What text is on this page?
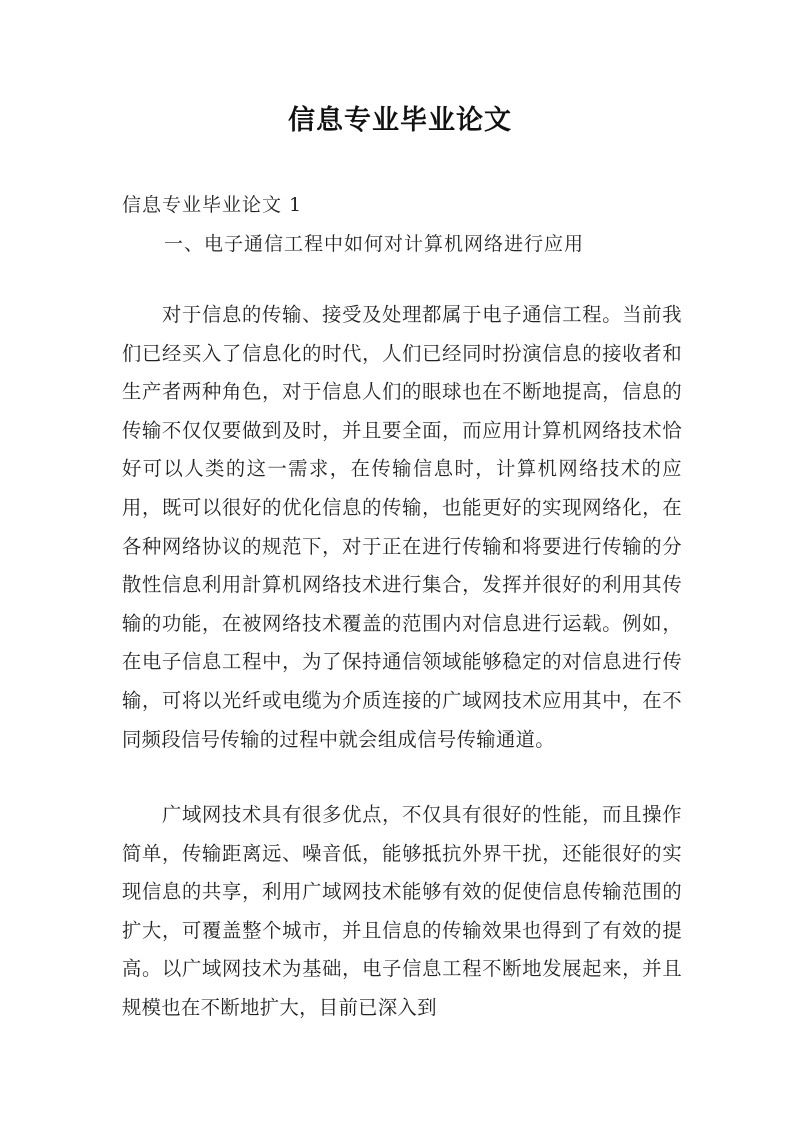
信息专业毕业论文
信息专业毕业论文 1
一、电子通信工程中如何对计算机网络进行应用

对于信息的传输、接受及处理都属于电子通信工程。当前我们已经买入了信息化的时代，人们已经同时扮演信息的接收者和生产者两种角色，对于信息人们的眼球也在不断地提高，信息的传输不仅仅要做到及时，并且要全面，而应用计算机网络技术恰好可以人类的这一需求，在传输信息时，计算机网络技术的应用，既可以很好的优化信息的传输，也能更好的实现网络化，在各种网络协议的规范下，对于正在进行传输和将要进行传输的分散性信息利用計算机网络技术进行集合，发挥并很好的利用其传输的功能，在被网络技术覆盖的范围内对信息进行运载。例如，在电子信息工程中，为了保持通信领域能够稳定的对信息进行传输，可将以光纤或电缆为介质连接的广域网技术应用其中，在不同频段信号传输的过程中就会组成信号传输通道。

广域网技术具有很多优点，不仅具有很好的性能，而且操作简单，传输距离远、噪音低，能够抵抗外界干扰，还能很好的实现信息的共享，利用广域网技术能够有效的促使信息传输范围的扩大，可覆盖整个城市，并且信息的传输效果也得到了有效的提高。以广域网技术为基础，电子信息工程不断地发展起来，并且规模也在不断地扩大，目前已深入到
